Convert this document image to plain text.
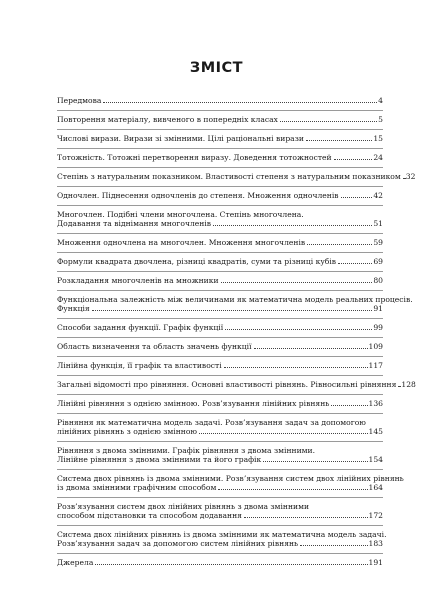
ЗМІСТ
Передмова	4
Повторення матеріалу, вивченого в попередніх класах	5
Числові вирази. Вирази зі змінними. Цілі раціональні вирази	15
Тотожність. Тотожні перетворення виразу. Доведення тотожностей	24
Степінь з натуральним показником. Властивості степеня з натуральним показником 32
Одночлен. Піднесення одночленів до степеня. Множення одночленів	42
Многочлен. Подібні члени многочлена. Степінь многочлена.
Додавання та віднімання многочленів	51
Множення одночлена на многочлен. Множення многочленів	59
Формули квадрата двочлена, різниці квадратів, суми та різниці кубів	69
Розкладання многочленів на множники	80
Функціональна залежність між величинами як математична модель реальних процесів.
Функція	91
Способи задання функції. Графік функції	99
Область визначення та область значень функції	109
Лінійна функція, її графік та властивості	117
Загальні відомості про рівняння. Основні властивості рівнянь. Рівносильні рівняння 128
Лінійні рівняння з однією змінною. Розв’язування лінійних рівнянь	136
Рівняння як математична модель задачі. Розв’язування задач за допомогою
лінійних рівнянь з однією змінною	145
Рівняння з двома змінними. Графік рівняння з двома змінними.
Лінійне рівняння з двома змінними та його графік	154
Система двох рівнянь із двома змінними. Розв’язування систем двох лінійних рівнянь
із двома змінними графічним способом	164
Розв’язування систем двох лінійних рівнянь з двома змінними
способом підстановки та способом додавання	172
Система двох лінійних рівнянь із двома змінними як математична модель задачі.
Розв’язування задач за допомогою систем лінійних рівнянь	183
Джерела	191
